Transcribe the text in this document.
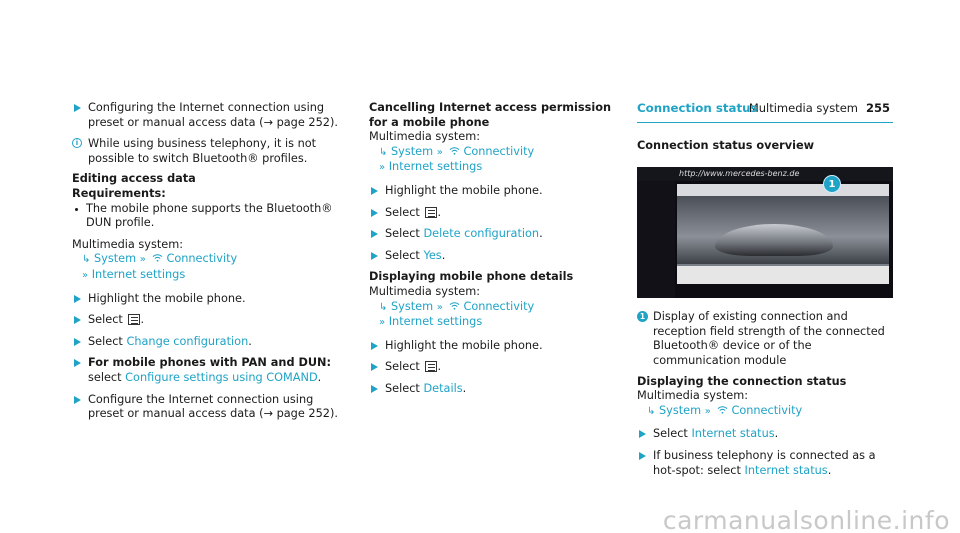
Multimedia system 255
Configuring the Internet connection using preset or manual access data (→ page 252).
i While using business telephony, it is not possible to switch Bluetooth® profiles.
Editing access data
Requirements:
The mobile phone supports the Bluetooth® DUN profile.
Multimedia system:
↳ System » Connectivity
» Internet settings
Highlight the mobile phone.
Select .
Select Change configuration.
For mobile phones with PAN and DUN:
select Configure settings using COMAND.
Configure the Internet connection using preset or manual access data (→ page 252).
Cancelling Internet access permission for a mobile phone
Multimedia system:
↳ System » Connectivity
» Internet settings
Highlight the mobile phone.
Select .
Select Delete configuration.
Select Yes.
Displaying mobile phone details
Multimedia system:
↳ System » Connectivity
» Internet settings
Highlight the mobile phone.
Select .
Select Details.
Connection status
Connection status overview
http://www.mercedes-benz.de
1
1 Display of existing connection and reception field strength of the connected Bluetooth® device or of the communication module
Displaying the connection status
Multimedia system:
↳ System » Connectivity
Select Internet status.
If business telephony is connected as a hot-spot: select Internet status.
carmanualsonline.info
